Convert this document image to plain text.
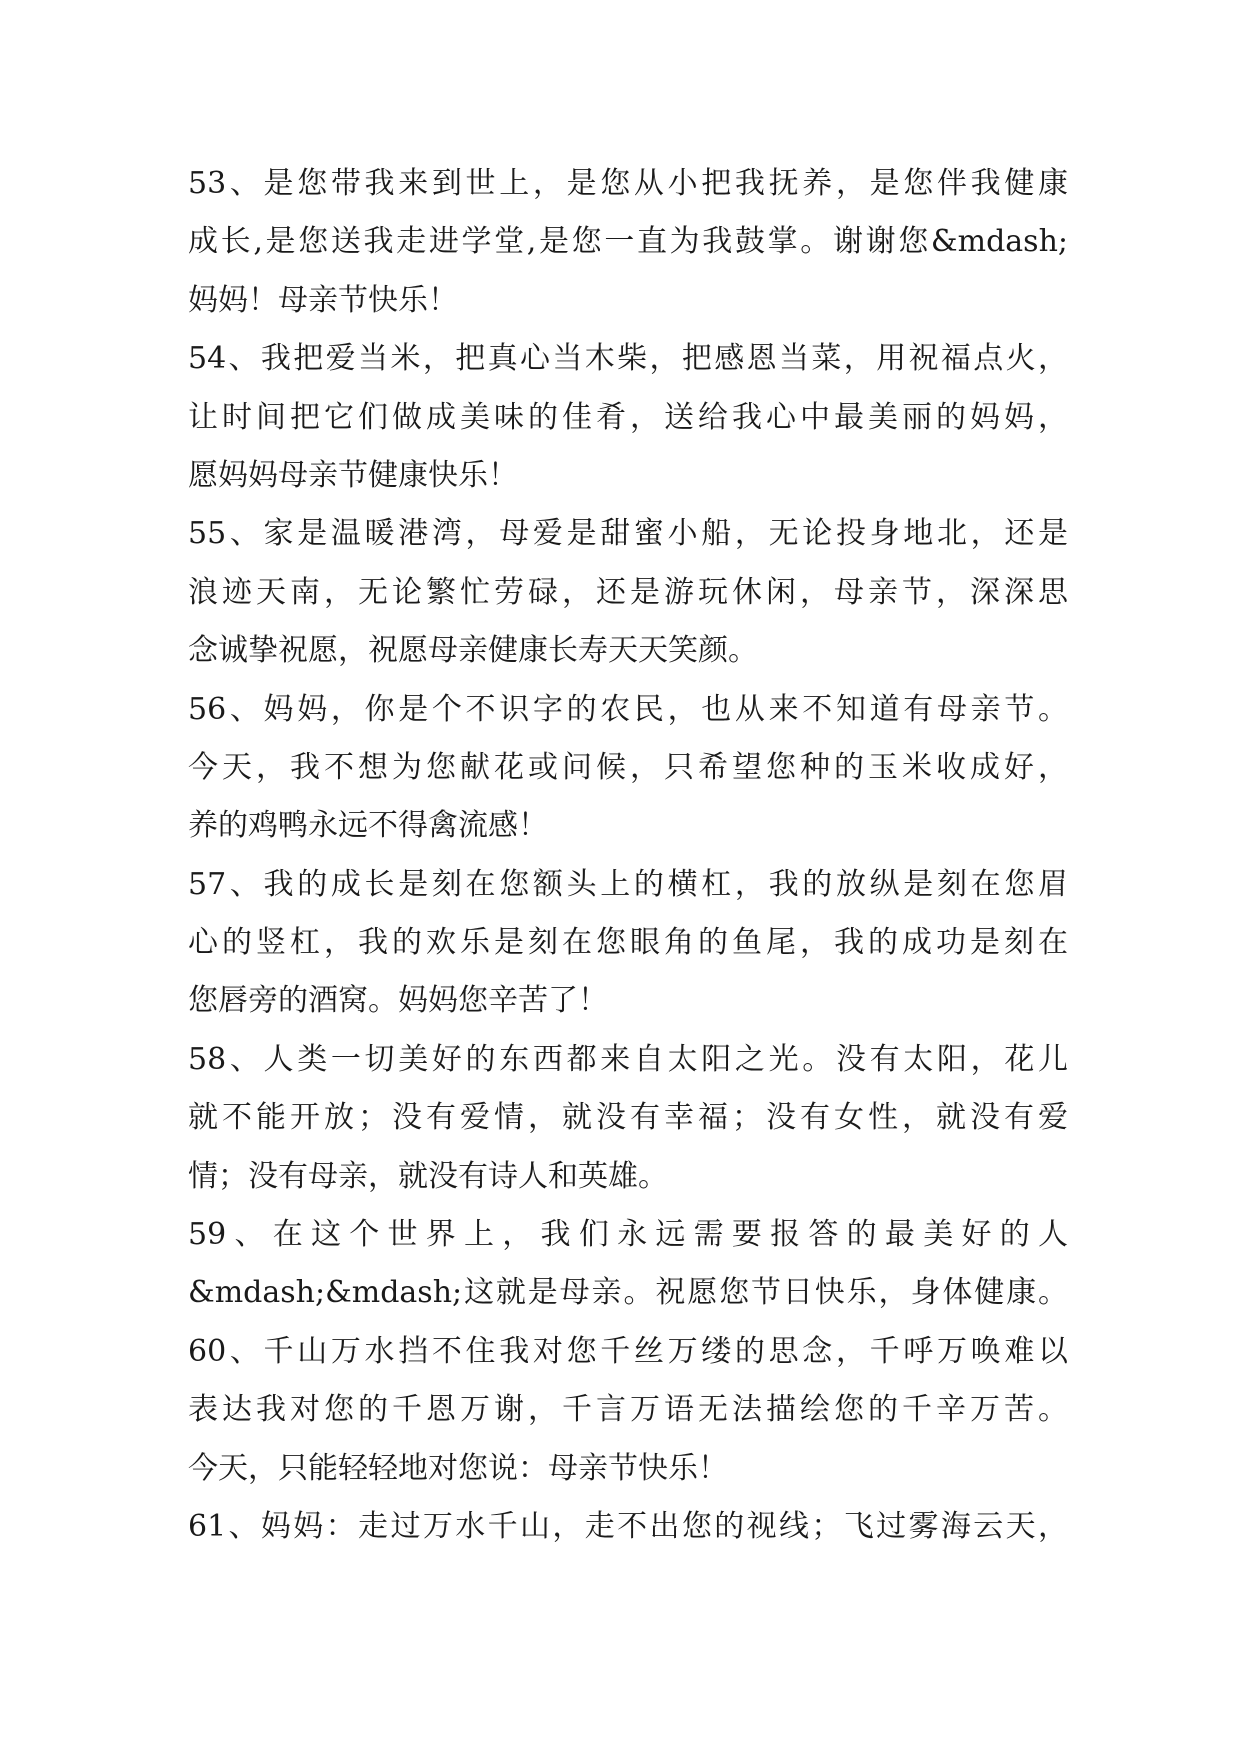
53、是您带我来到世上，是您从小把我抚养，是您伴我健康
成长,是您送我走进学堂,是您一直为我鼓掌。谢谢您&mdash;
妈妈！母亲节快乐！
54、我把爱当米，把真心当木柴，把感恩当菜，用祝福点火，
让时间把它们做成美味的佳肴，送给我心中最美丽的妈妈，
愿妈妈母亲节健康快乐！
55、家是温暖港湾，母爱是甜蜜小船，无论投身地北，还是
浪迹天南，无论繁忙劳碌，还是游玩休闲，母亲节，深深思
念诚挚祝愿，祝愿母亲健康长寿天天笑颜。
56、妈妈，你是个不识字的农民，也从来不知道有母亲节。
今天，我不想为您献花或问候，只希望您种的玉米收成好，
养的鸡鸭永远不得禽流感！
57、我的成长是刻在您额头上的横杠，我的放纵是刻在您眉
心的竖杠，我的欢乐是刻在您眼角的鱼尾，我的成功是刻在
您唇旁的酒窝。妈妈您辛苦了！
58、人类一切美好的东西都来自太阳之光。没有太阳，花儿
就不能开放；没有爱情，就没有幸福；没有女性，就没有爱
情；没有母亲，就没有诗人和英雄。
59、在这个世界上，我们永远需要报答的最美好的人
&mdash;&mdash;这就是母亲。祝愿您节日快乐，身体健康。
60、千山万水挡不住我对您千丝万缕的思念，千呼万唤难以
表达我对您的千恩万谢，千言万语无法描绘您的千辛万苦。
今天，只能轻轻地对您说：母亲节快乐！
61、妈妈：走过万水千山，走不出您的视线；飞过雾海云天，
